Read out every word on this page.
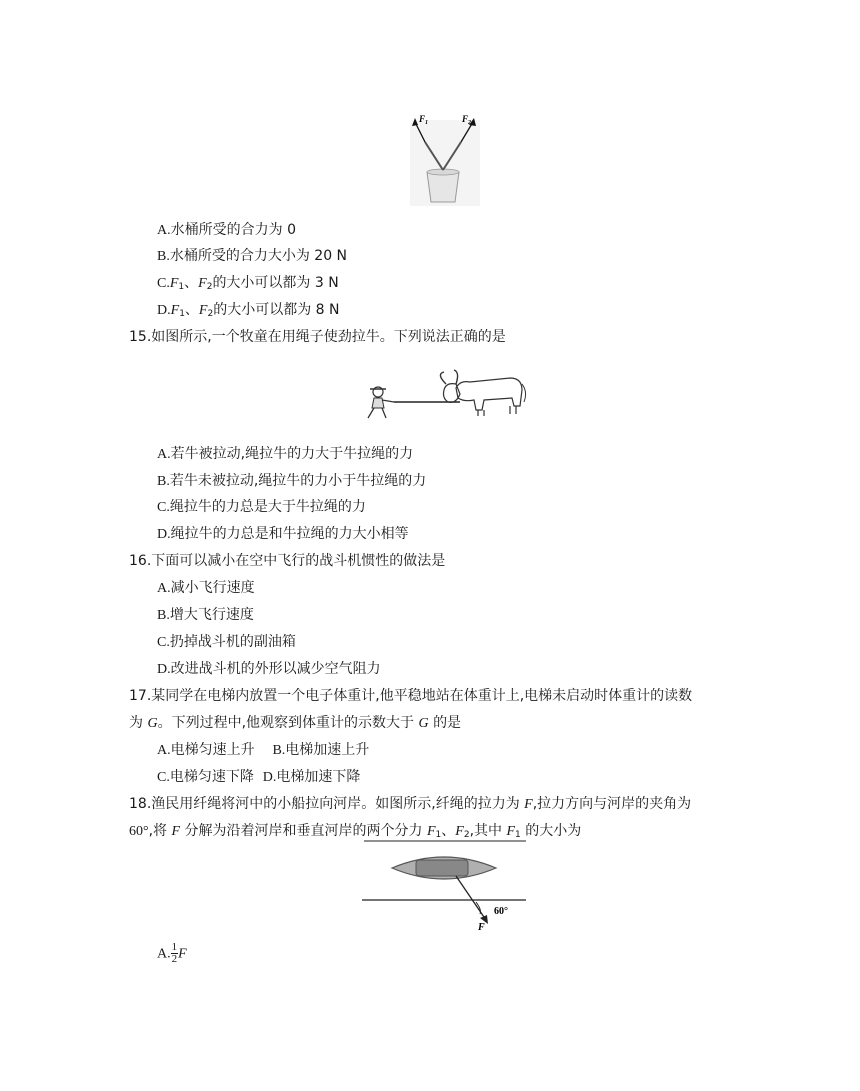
$F_1$	$F_2$
A.水桶所受的合力为 0
B.水桶所受的合力大小为 20 N
$C.F_1$、$F_2$的大小可以都为 3 N
$D.F_1$、$F_2$的大小可以都为 8 N
15.如图所示,一个牧童在用绳子使劲拉牛。下列说法正确的是
A.若牛被拉动,绳拉牛的力大于牛拉绳的力
B.若牛未被拉动,绳拉牛的力小于牛拉绳的力
C.绳拉牛的力总是大于牛拉绳的力
D.绳拉牛的力总是和牛拉绳的力大小相等
16.下面可以减小在空中飞行的战斗机惯性的做法是
A.减小飞行速度
B.增大飞行速度
C.扔掉战斗机的副油箱
D.改进战斗机的外形以减少空气阻力
17.某同学在电梯内放置一个电子体重计,他平稳地站在体重计上,电梯未启动时体重计的读数
为 G。下列过程中,他观察到体重计的示数大于 G 的是
A.电梯匀速上升 B.电梯加速上升
C.电梯匀速下降 D.电梯加速下降
18.渔民用纤绳将河中的小船拉向河岸。如图所示,纤绳的拉力为 F,拉力方向与河岸的夹角为
60°,将 F 分解为沿着河岸和垂直河岸的两个分力 $F_1$、$F_2$,其中 $F_1$ 的大小为
60°
F
A. $\frac{1}{2}$ F
